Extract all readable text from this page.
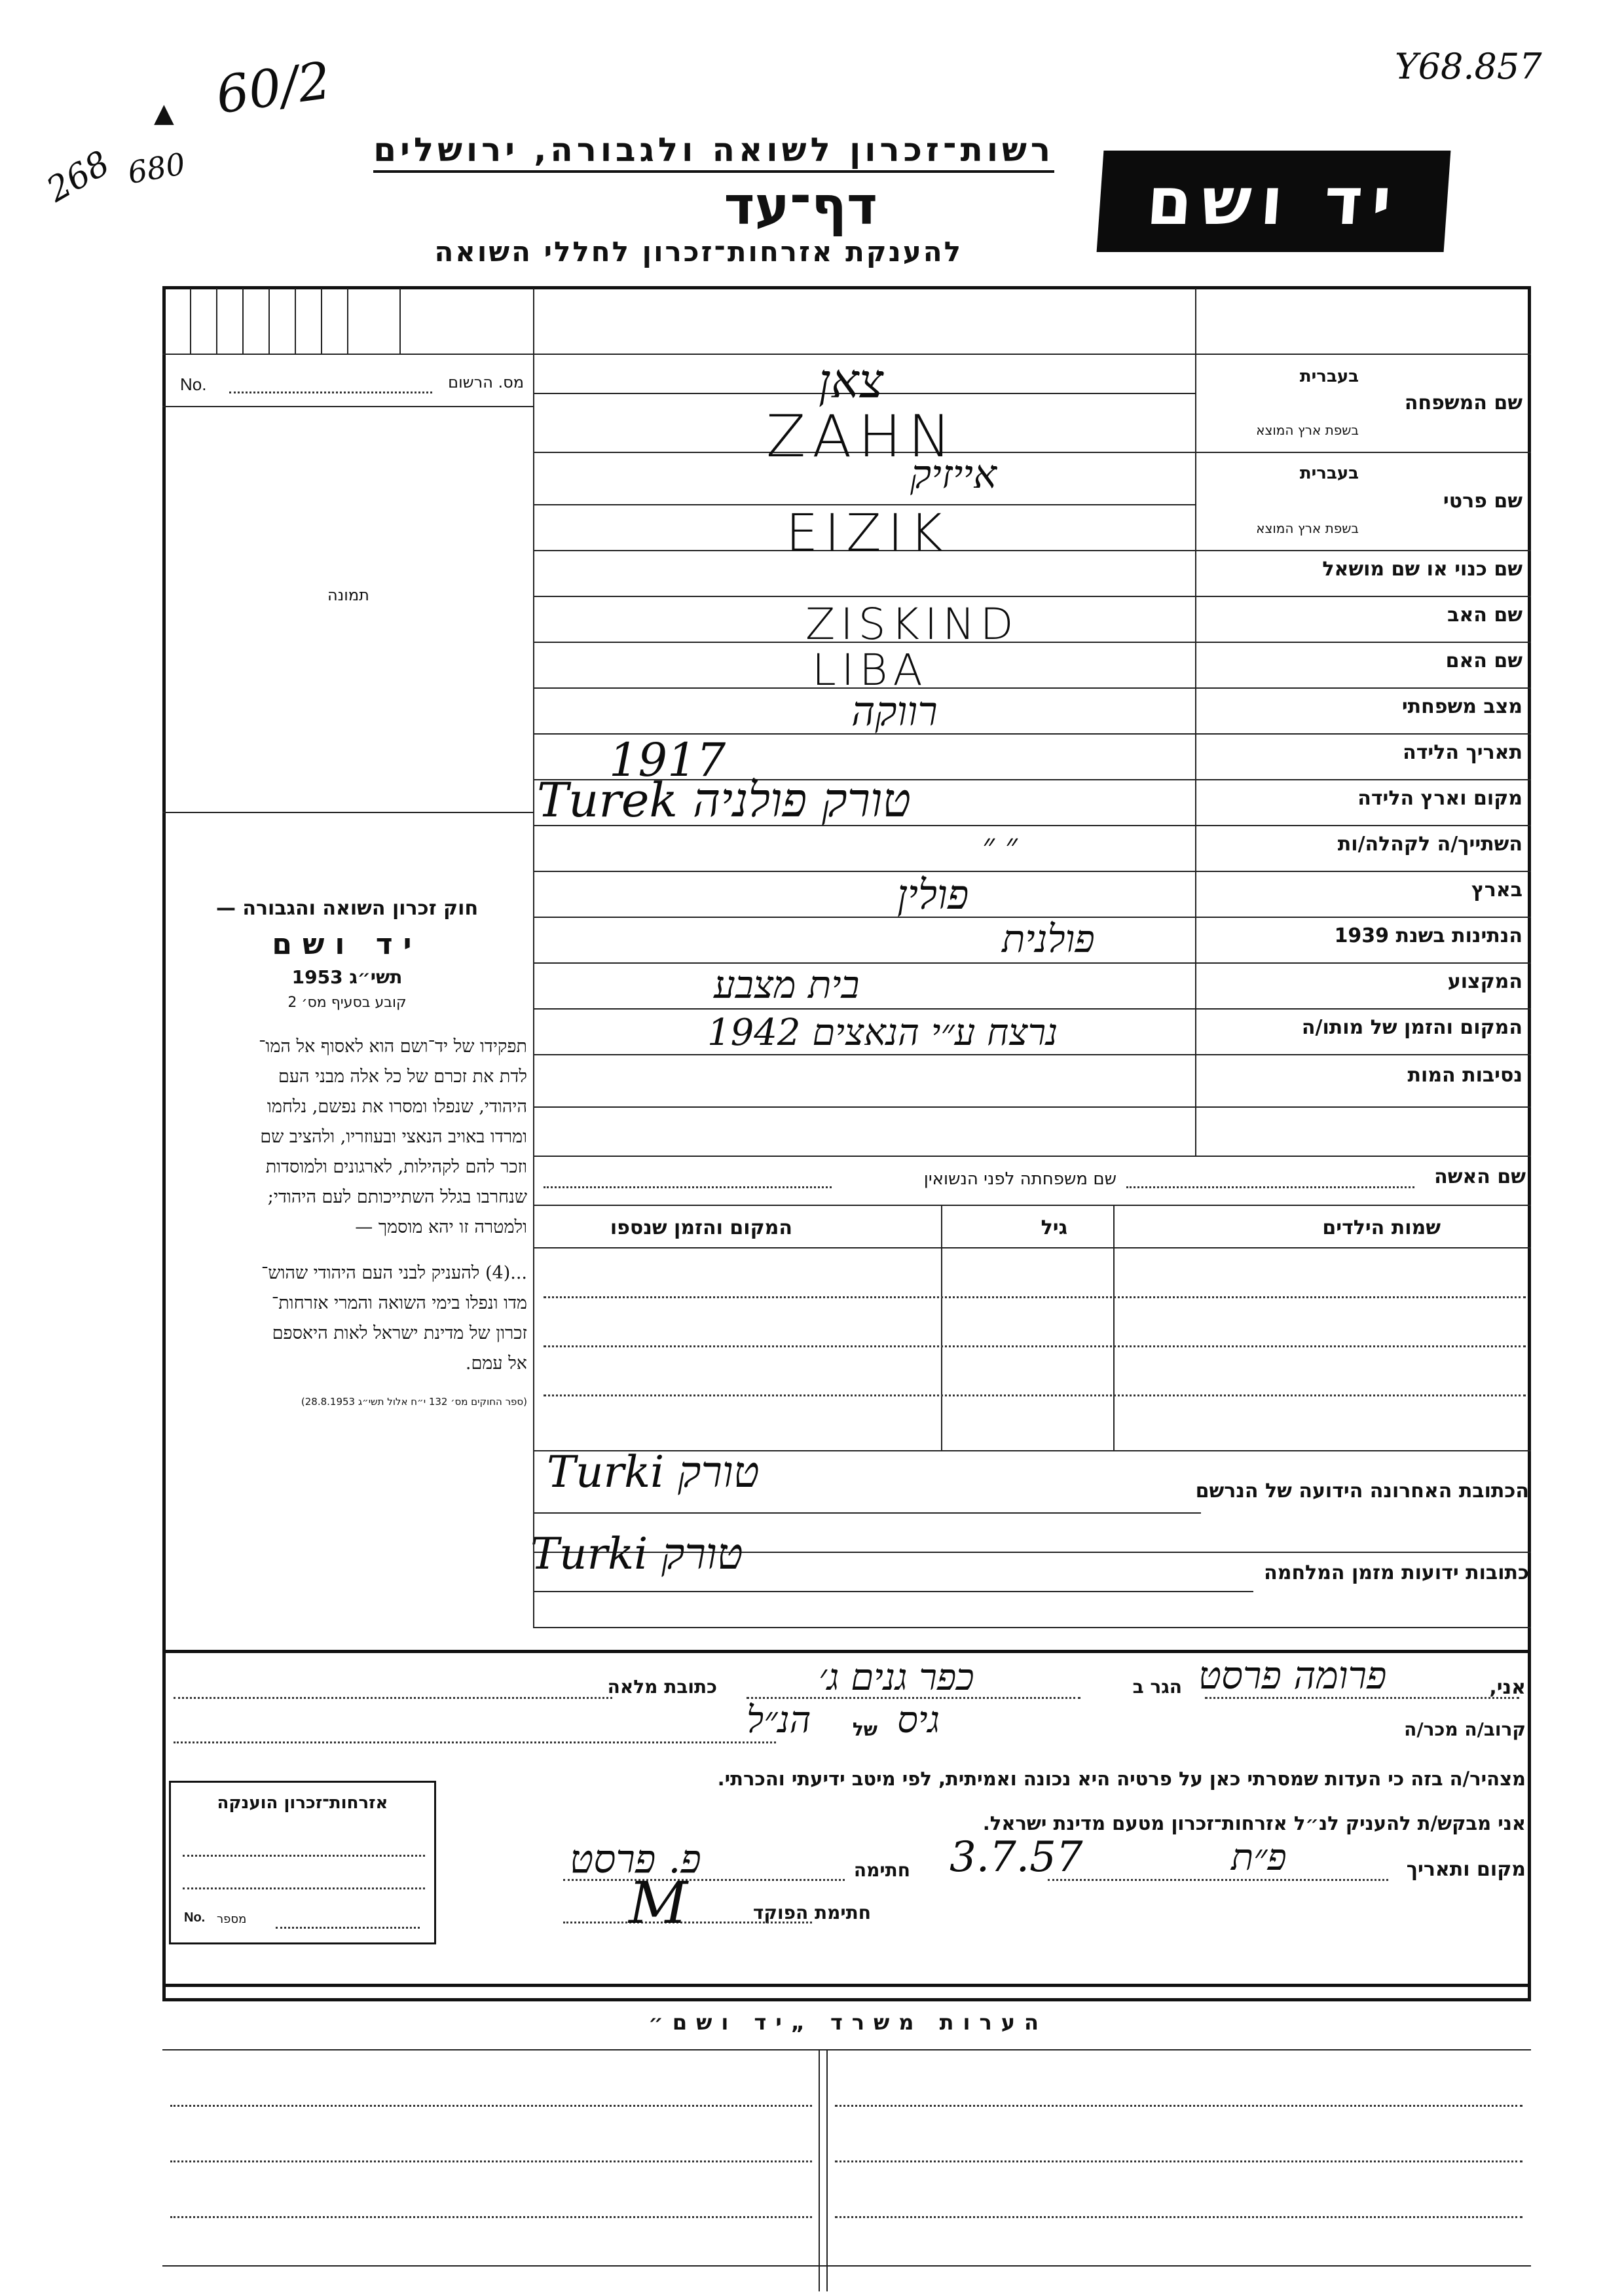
Y68.857
60/2
268 680
▲
רשות־זכרון לשואה ולגבורה, ירושלים
דף־עד
להענקת אזרחות־זכרון לחללי השואה
יד ושם
מס. הרשום
No.
תמונה
חוק זכרון השואה והגבורה —
יד ושם
תשי״ג 1953
קובע בסעיף מס׳ 2
תפקידו של יד־ושם הוא לאסוף אל המו־
לדת את זכרם של כל אלה מבני העם
היהודי, שנפלו ומסרו את נפשם, נלחמו
ומרדו באויב הנאצי ובעוזריו, ולהציב שם
וזכר להם לקהילות, לארגונים ולמוסדות
שנחרבו בגלל השתייכותם לעם היהודי;
ולמטרה זו יהא מוסמך —
...(4) להעניק לבני העם היהודי שהוש־
מדו ונפלו בימי השואה והמרי אזרחות־
זכרון של מדינת ישראל לאות היאספם
אל עמם.
(ספר החוקים מס׳ 132 י״ח אלול תשי״ג 28.8.1953)
שם המשפחה
בעברית
בשפת ארץ המוצא
צאן
ZAHN
שם פרטי
בעברית
בשפת ארץ המוצא
אייזיק
EIZIK
שם כנוי או שם מושאל
שם האב
ZISKIND
שם האם
LIBA
מצב משפחתי
רווקה
תאריך הלידה
1917
מקום וארץ הלידה
Turek טורק פולניה
השתייך/ה לקהלה/ות
״ ״
בארץ
פולין
הנתינות בשנת 1939
פולנית
המקצוע
בית מצבע
המקום והזמן של מותו/ה
נרצח ע״י הנאצים 1942
נסיבות המות
שם האשה
שם משפחתה לפני הנשואין
שמות הילדים
גיל
המקום והזמן שנספו
הכתובת האחרונה הידועה של הנרשם
Turki טורק
כתובות ידועות מזמן המלחמה
Turki טורק
אני,
פרומה פרסט
הגר ב
כפר גנים ג׳
כתובת מלאה
קרוב/ה מכר/ה
גיס
של
הנ״ל
מצהיר/ה בזה כי העדות שמסרתי כאן על פרטיה היא נכונה ואמיתית, לפי מיטב ידיעתי והכרתי.
אני מבקש/ת להעניק לנ״ל אזרחות־זכרון מטעם מדינת ישראל.
מקום ותאריך
פ״ת
3.7.57
חתימה
פ. פרסט
חתימת הפוקד
M
אזרחות־זכרון הוענקה
No. מספר
הערות משרד „יד ושם״
